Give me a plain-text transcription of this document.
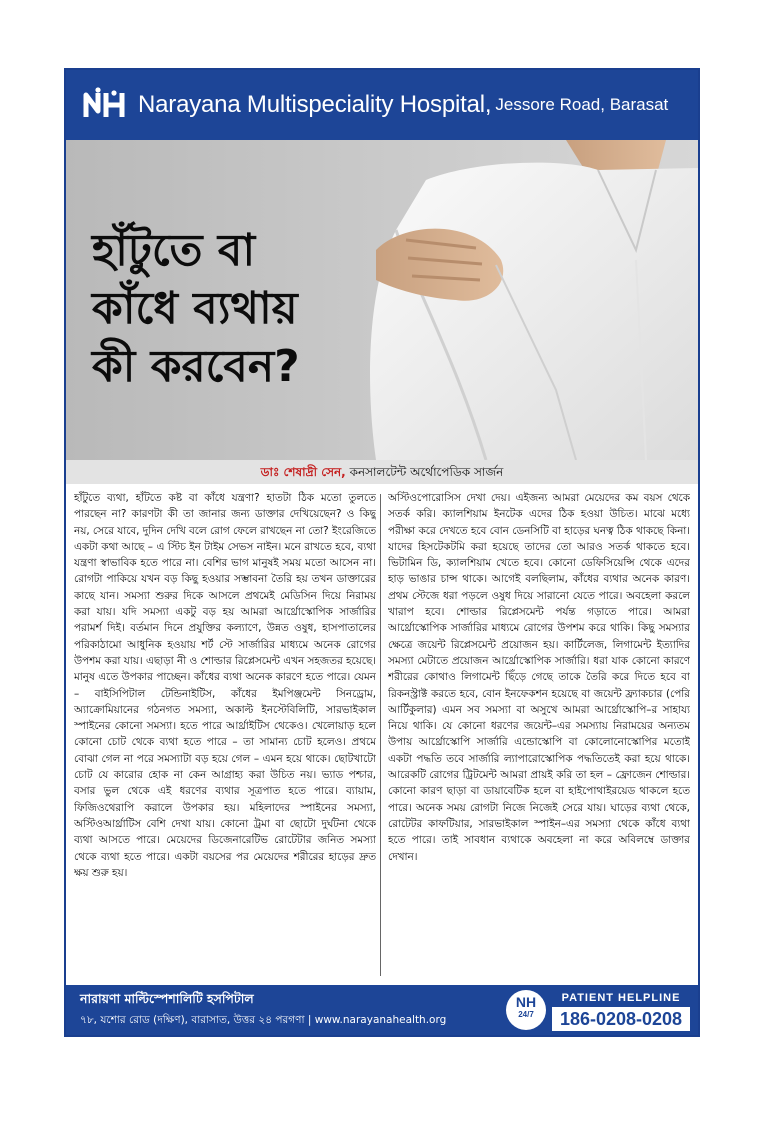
NH
Narayana Multispeciality Hospital, Jessore Road, Barasat
হাঁটুতে বা
কাঁধে ব্যথায়
কী করবেন?
ডাঃ শেষাদ্রী সেন, কনসালটেন্ট অর্থোপেডিক সার্জন
হাঁটুতে ব্যথা, হাঁটতে কষ্ট বা কাঁধে যন্ত্রণা? হাতটা ঠিক মতো তুলতে পারছেন না? কারণটা কী তা জানার জন্য ডাক্তার দেখিয়েছেন? ও কিছু নয়, সেরে যাবে, দুদিন দেখি বলে রোগ ফেলে রাখছেন না তো? ইংরেজিতে একটা কথা আছে – এ স্টিচ ইন টাইম সেভস নাইন। মনে রাখতে হবে, ব্যথা যন্ত্রণা স্বাভাবিক হতে পারে না। বেশির ভাগ মানুষই সময় মতো আসেন না। রোগটা পাকিয়ে যখন বড় কিছু হওয়ার সম্ভাবনা তৈরি হয় তখন ডাক্তারের কাছে যান। সমস্যা শুরুর দিকে আসলে প্রথমেই মেডিসিন দিয়ে নিরাময় করা যায়। যদি সমস্যা একটু বড় হয় আমরা আর্থ্রোস্কোপিক সার্জারির পরামর্শ দিই। বর্তমান দিনে প্রযুক্তির কল্যাণে, উন্নত ওষুধ, হাসপাতালের পরিকাঠামো আধুনিক হওয়ায় শর্ট স্টে সার্জারির মাধ্যমে অনেক রোগের উপশম করা যায়। এছাড়া নী ও শোল্ডার রিপ্লেসমেন্ট এখন সহজতর হয়েছে। মানুষ এতে উপকার পাচ্ছেন। কাঁধের ব্যথা অনেক কারণে হতে পারে। যেমন – বাইসিপিটাল টেন্ডিনাইটিস, কাঁধের ইমপিঞ্জমেন্ট সিনড্রোম, অ্যাক্রোমিয়ানের গঠনগত সমস্যা, অকাল্ট ইনস্টেবিলিটি, সারভাইকাল স্পাইনের কোনো সমস্যা। হতে পারে আর্থ্রাইটিস থেকেও। খেলোয়াড় হলে কোনো চোট থেকে ব্যথা হতে পারে – তা সামান্য চোট হলেও। প্রথমে বোঝা গেল না পরে সমস্যাটা বড় হয়ে গেল – এমন হয়ে থাকে। ছোটখাটো চোট যে কারোর হোক না কেন আগ্রাহ্য করা উচিত নয়। ভ্যাড পশ্চার, বসার ভুল থেকে এই ধরণের ব্যথার সূত্রপাত হতে পারে। ব্যায়াম, ফিজিওথেরাপি করালে উপকার হয়। মহিলাদের স্পাইনের সমস্যা, অস্টিওআর্থ্রাটিস বেশি দেখা যায়। কোনো ট্রমা বা ছোটো দুর্ঘটনা থেকে ব্যথা আসতে পারে। মেয়েদের ডিজেনারেটিভ রোটেটার জনিত সমস্যা থেকে ব্যথা হতে পারে। একটা বয়সের পর মেয়েদের শরীরের হাড়ের দ্রুত ক্ষয় শুরু হয়।
অস্টিওপোরোসিস দেখা দেয়। এইজন্য আমরা মেয়েদের কম বয়স থেকে সতর্ক করি। ক্যালশিয়াম ইনটেক এদের ঠিক হওয়া উচিত। মাঝে মধ্যে পরীক্ষা করে দেখতে হবে বোন ডেনসিটি বা হাড়ের ঘনত্ব ঠিক থাকছে কিনা। যাদের হিসটেকটমি করা হয়েছে তাদের তো আরও সতর্ক থাকতে হবে। ভিটামিন ডি, ক্যালশিয়াম খেতে হবে। কোনো ডেফিসিয়েন্সি থেকে এদের হাড় ভাঙার চান্স থাকে। আগেই বলছিলাম, কাঁধের ব্যথার অনেক কারণ। প্রথম স্টেজে ধরা পড়লে ওষুধ দিয়ে সারানো যেতে পারে। অবহেলা করলে খারাপ হবে। শোল্ডার রিপ্লেসমেন্ট পর্যন্ত গড়াতে পারে। আমরা আর্থ্রোস্কোপিক সার্জারির মাধ্যমে রোগের উপশম করে থাকি। কিছু সমস্যার ক্ষেত্রে জয়েন্ট রিপ্লেসমেন্ট প্রয়োজন হয়। কার্টিলেজ, লিগামেন্ট ইত্যাদির সমস্যা মেটাতে প্রয়োজন আর্থ্রোস্কোপিক সার্জারি। ধরা যাক কোনো কারণে শরীরের কোথাও লিগামেন্ট ছিঁড়ে গেছে তাকে তৈরি করে দিতে হবে বা রিকনস্ট্রাক্ট করতে হবে, বোন ইনফেকশন হয়েছে বা জয়েন্ট ফ্র্যাকচার (পেরি আর্টিকুলার) এমন সব সমস্যা বা অসুখে আমরা আর্থ্রোস্কোপি–র সাহায্য নিয়ে থাকি। যে কোনো ধরণের জয়েন্ট–এর সমস্যায় নিরাময়ের অন্যতম উপায় আর্থ্রোস্কোপি সার্জারি এন্ডোস্কোপি বা কোলোনোস্কোপির মতোই একটা পদ্ধতি তবে সার্জারি ল্যাপারোস্কোপিক পদ্ধতিতেই করা হয়ে থাকে। আরেকটি রোগের ট্রিটমেন্ট আমরা প্রায়ই করি তা হল – ফ্রোজেন শোল্ডার। কোনো কারণ ছাড়া বা ডায়াবেটিক হলে বা হাইপোথাইরয়েড থাকলে হতে পারে। অনেক সময় রোগটা নিজে নিজেই সেরে যায়। ঘাড়ের ব্যথা থেকে, রোটেটর কাফটিয়ার, সারভাইকাল স্পাইন–এর সমস্যা থেকে কাঁধে ব্যথা হতে পারে। তাই সাবধান ব্যথাকে অবহেলা না করে অবিলম্বে ডাক্তার দেখান।
নারায়ণা মাল্টিস্পেশালিটি হসপিটাল
৭৮, যশোর রোড (দক্ষিণ), বারাসাত, উত্তর ২৪ পরগণা | www.narayanahealth.org
NH
24/7
PATIENT HELPLINE
186-0208-0208
